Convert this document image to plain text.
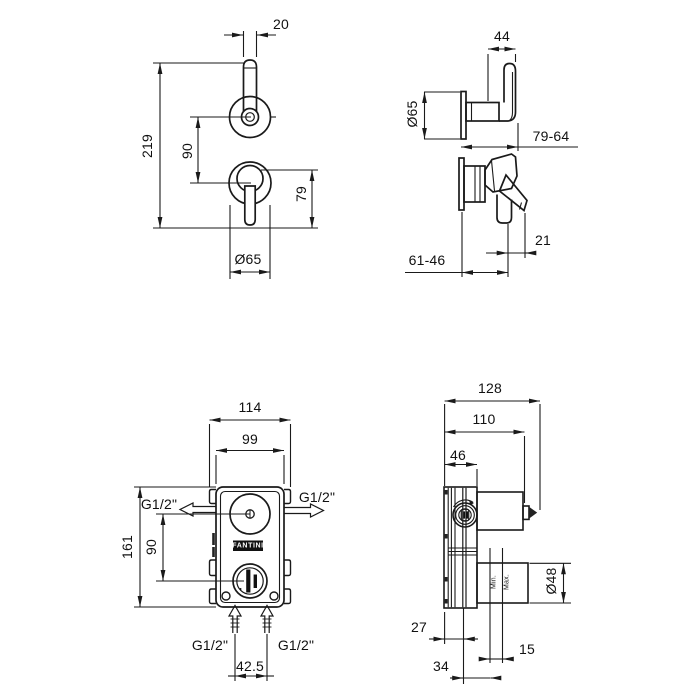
20
219 90
79
Ø65
44
Ø65
79-64
21
61-46
114
99
161 90
G1/2"	G1/2"
G1/2"	G1/2"
42.5
FANTINI
128
110
46
Ø48
Min. Max.
27
15
34
